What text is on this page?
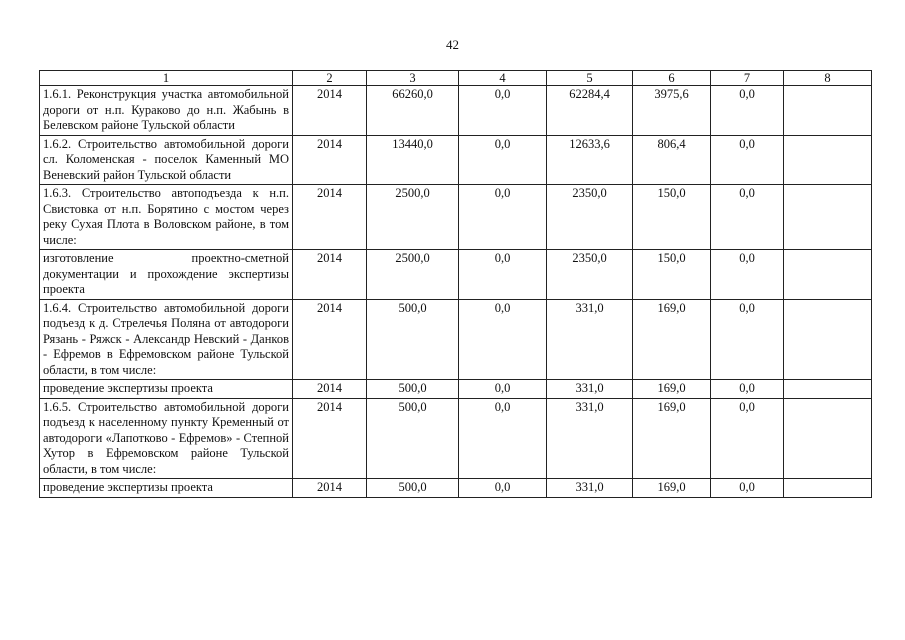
42
1	2	3	4	5	6	7	8
1.6.1. Реконструкция участка автомобильной дороги от н.п. Кураково до н.п. Жабынь в Белевском районе Тульской области	2014	66260,0	0,0	62284,4	3975,6	0,0	
1.6.2. Строительство автомобильной дороги сл. Коломенская - поселок Каменный МО Веневский район Тульской области	2014	13440,0	0,0	12633,6	806,4	0,0	
1.6.3. Строительство автоподъезда к н.п. Свистовка от н.п. Борятино с мостом через реку Сухая Плота в Воловском районе, в том числе:	2014	2500,0	0,0	2350,0	150,0	0,0	
изготовление проектно-сметной документации и прохождение экспертизы проекта	2014	2500,0	0,0	2350,0	150,0	0,0	
1.6.4. Строительство автомобильной дороги подъезд к д. Стрелечья Поляна от автодороги Рязань - Ряжск - Александр Невский - Данков - Ефремов в Ефремовском районе Тульской области, в том числе:	2014	500,0	0,0	331,0	169,0	0,0	
проведение экспертизы проекта	2014	500,0	0,0	331,0	169,0	0,0	
1.6.5. Строительство автомобильной дороги подъезд к населенному пункту Кременный от автодороги «Лапотково - Ефремов» - Степной Хутор в Ефремовском районе Тульской области, в том числе:	2014	500,0	0,0	331,0	169,0	0,0	
проведение экспертизы проекта	2014	500,0	0,0	331,0	169,0	0,0	
